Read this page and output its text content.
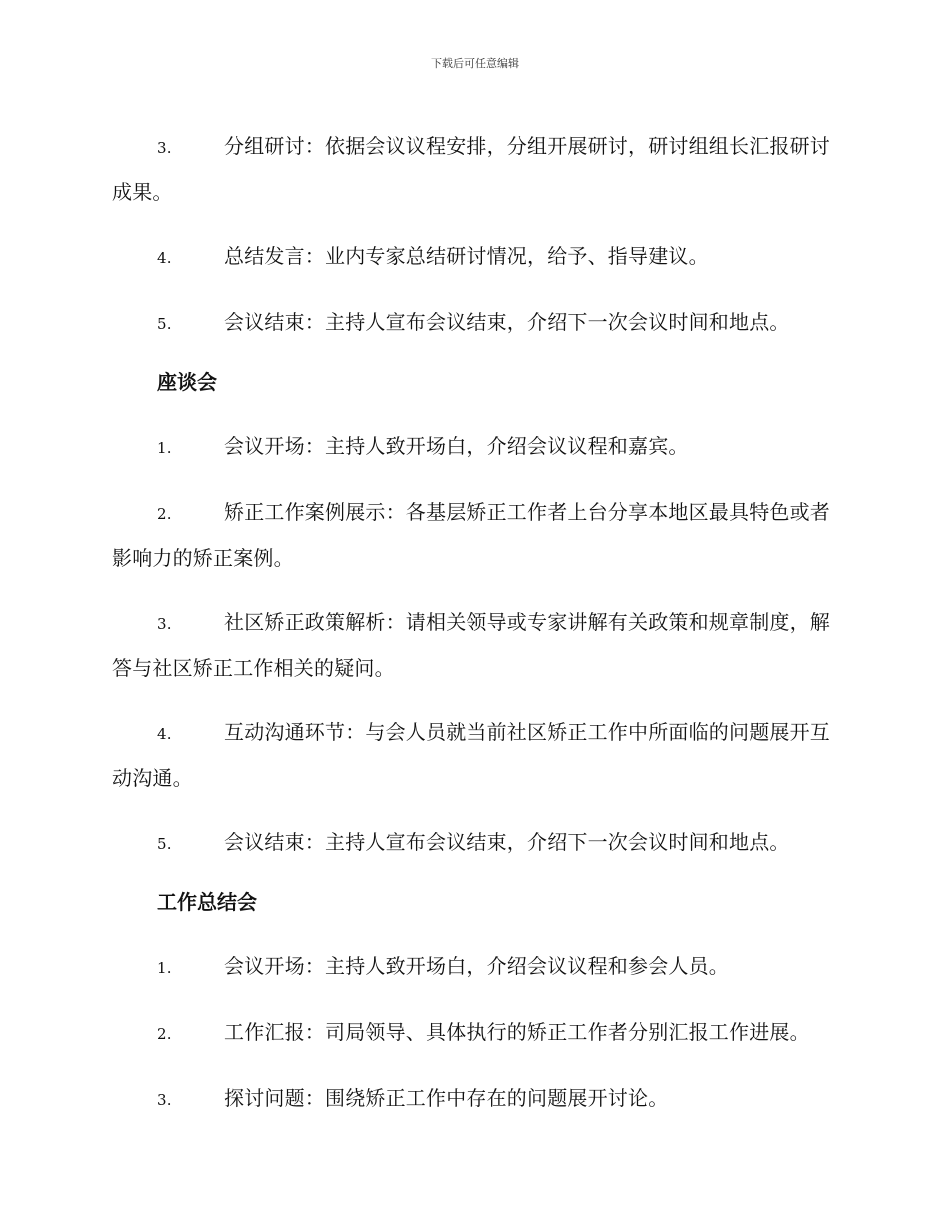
下载后可任意编辑

3.	分组研讨：依据会议议程安排，分组开展研讨，研讨组组长汇报研讨成果。

4.	总结发言：业内专家总结研讨情况，给予、指导建议。

5.	会议结束：主持人宣布会议结束，介绍下一次会议时间和地点。

座谈会

1.	会议开场：主持人致开场白，介绍会议议程和嘉宾。

2.	矫正工作案例展示：各基层矫正工作者上台分享本地区最具特色或者影响力的矫正案例。

3.	社区矫正政策解析：请相关领导或专家讲解有关政策和规章制度，解答与社区矫正工作相关的疑问。

4.	互动沟通环节：与会人员就当前社区矫正工作中所面临的问题展开互动沟通。

5.	会议结束：主持人宣布会议结束，介绍下一次会议时间和地点。

工作总结会

1.	会议开场：主持人致开场白，介绍会议议程和参会人员。

2.	工作汇报：司局领导、具体执行的矫正工作者分别汇报工作进展。

3.	探讨问题：围绕矫正工作中存在的问题展开讨论。
